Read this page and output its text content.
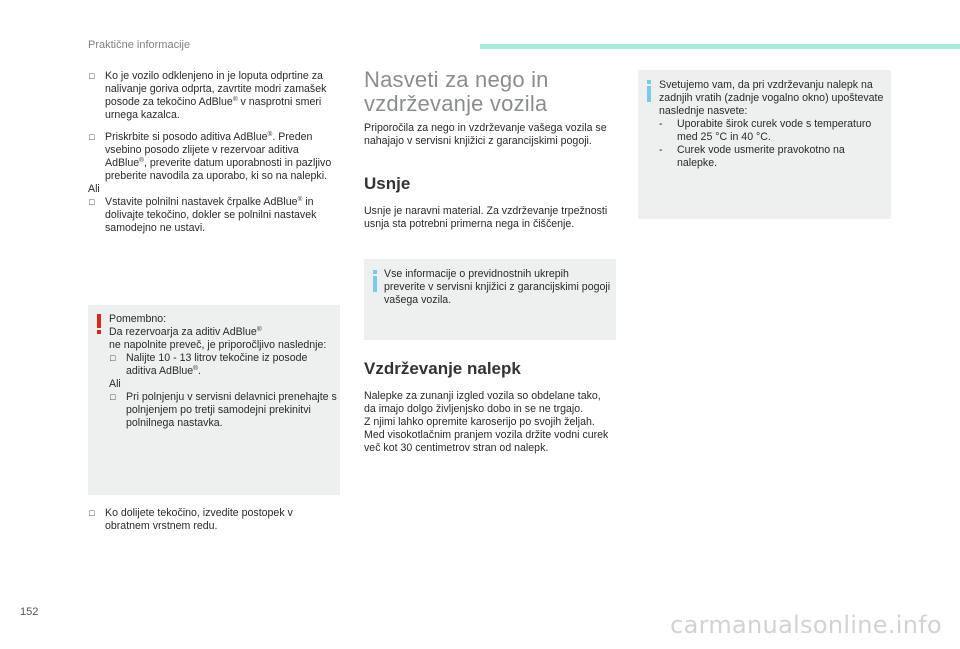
Praktične informacije
□ Ko je vozilo odklenjeno in je loputa odprtine za nalivanje goriva odprta, zavrtite modri zamašek posode za tekočino AdBlue® v nasprotni smeri urnega kazalca.
□ Priskrbite si posodo aditiva AdBlue®. Preden vsebino posodo zlijete v rezervoar aditiva AdBlue®, preverite datum uporabnosti in pazljivo preberite navodila za uporabo, ki so na nalepki.
Ali
□ Vstavite polnilni nastavek črpalke AdBlue® in dolivajte tekočino, dokler se polnilni nastavek samodejno ne ustavi.
Pomembno:
Da rezervoarja za aditiv AdBlue®
ne napolnite preveč, je priporočljivo naslednje:
□ Nalijte 10 - 13 litrov tekočine iz posode aditiva AdBlue®.
Ali
□ Pri polnjenju v servisni delavnici prenehajte s polnjenjem po tretji samodejni prekinitvi polnilnega nastavka.
□ Ko dolijete tekočino, izvedite postopek v obratnem vrstnem redu.
Nasveti za nego in vzdrževanje vozila
Priporočila za nego in vzdrževanje vašega vozila se nahajajo v servisni knjižici z garancijskimi pogoji.
Usnje
Usnje je naravni material. Za vzdrževanje trpežnosti usnja sta potrebni primerna nega in čiščenje.
Vse informacije o previdnostnih ukrepih preverite v servisni knjižici z garancijskimi pogoji vašega vozila.
Vzdrževanje nalepk
Nalepke za zunanji izgled vozila so obdelane tako, da imajo dolgo življenjsko dobo in se ne trgajo.
Z njimi lahko opremite karoserijo po svojih željah.
Med visokotlačnim pranjem vozila držite vodni curek več kot 30 centimetrov stran od nalepk.
Svetujemo vam, da pri vzdrževanju nalepk na zadnjih vratih (zadnje vogalno okno) upoštevate naslednje nasvete:
- Uporabite širok curek vode s temperaturo med 25 °C in 40 °C.
- Curek vode usmerite pravokotno na nalepke.
152	carmanualsonline.info
